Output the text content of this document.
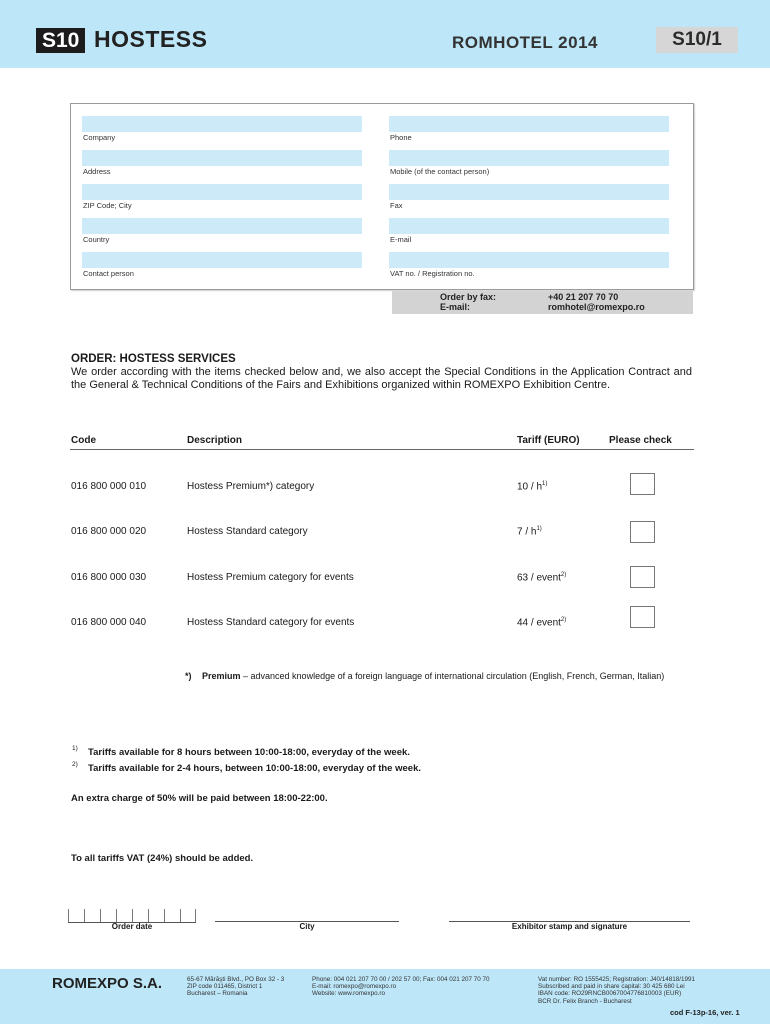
S10 HOSTESS	ROMHOTEL 2014	S10/1
Company	Phone
Address	Mobile (of the contact person)
ZIP Code; City	Fax
Country	E-mail
Contact person	VAT no. / Registration no.
Order by fax:	+40 21 207 70 70
E-mail:	romhotel@romexpo.ro
ORDER: HOSTESS SERVICES
We order according with the items checked below and, we also accept the Special Conditions in the Application Contract and the General & Technical Conditions of the Fairs and Exhibitions organized within ROMEXPO Exhibition Centre.
Code	Description	Tariff (EURO)	Please check
016 800 000 010	Hostess Premium*) category	$10 / h^{1)}$
016 800 000 020	Hostess Standard category	$7 / h^{1)}$
016 800 000 030	Hostess Premium category for events	63 / event$^{2)}$
016 800 000 040	Hostess Standard category for events	44 / event$^{2)}$
*)	Premium – advanced knowledge of a foreign language of international circulation (English, French, German, Italian)
1) Tariffs available for 8 hours between 10:00-18:00, everyday of the week.
2) Tariffs available for 2-4 hours, between 10:00-18:00, everyday of the week.
An extra charge of 50% will be paid between 18:00-22:00.
To all tariffs VAT (24%) should be added.
Order date	City	Exhibitor stamp and signature
ROMEXPO S.A.	65-67 Mărăşti Blvd., PO Box 32 - 3
ZIP code 011465, District 1
Bucharest – Romania
Phone: 004 021 207 70 00 / 202 57 00; Fax: 004 021 207 70 70
E-mail: romexpo@romexpo.ro
Website: www.romexpo.ro
Vat number: RO 1555425; Registration: J40/14818/1991
Subscribed and paid in share capital: 30 425 680 Lei
IBAN code: RO29RNCB0067004776810003 (EUR)
BCR Dr. Felix Branch - Bucharest
cod F-13p-16, ver. 1
